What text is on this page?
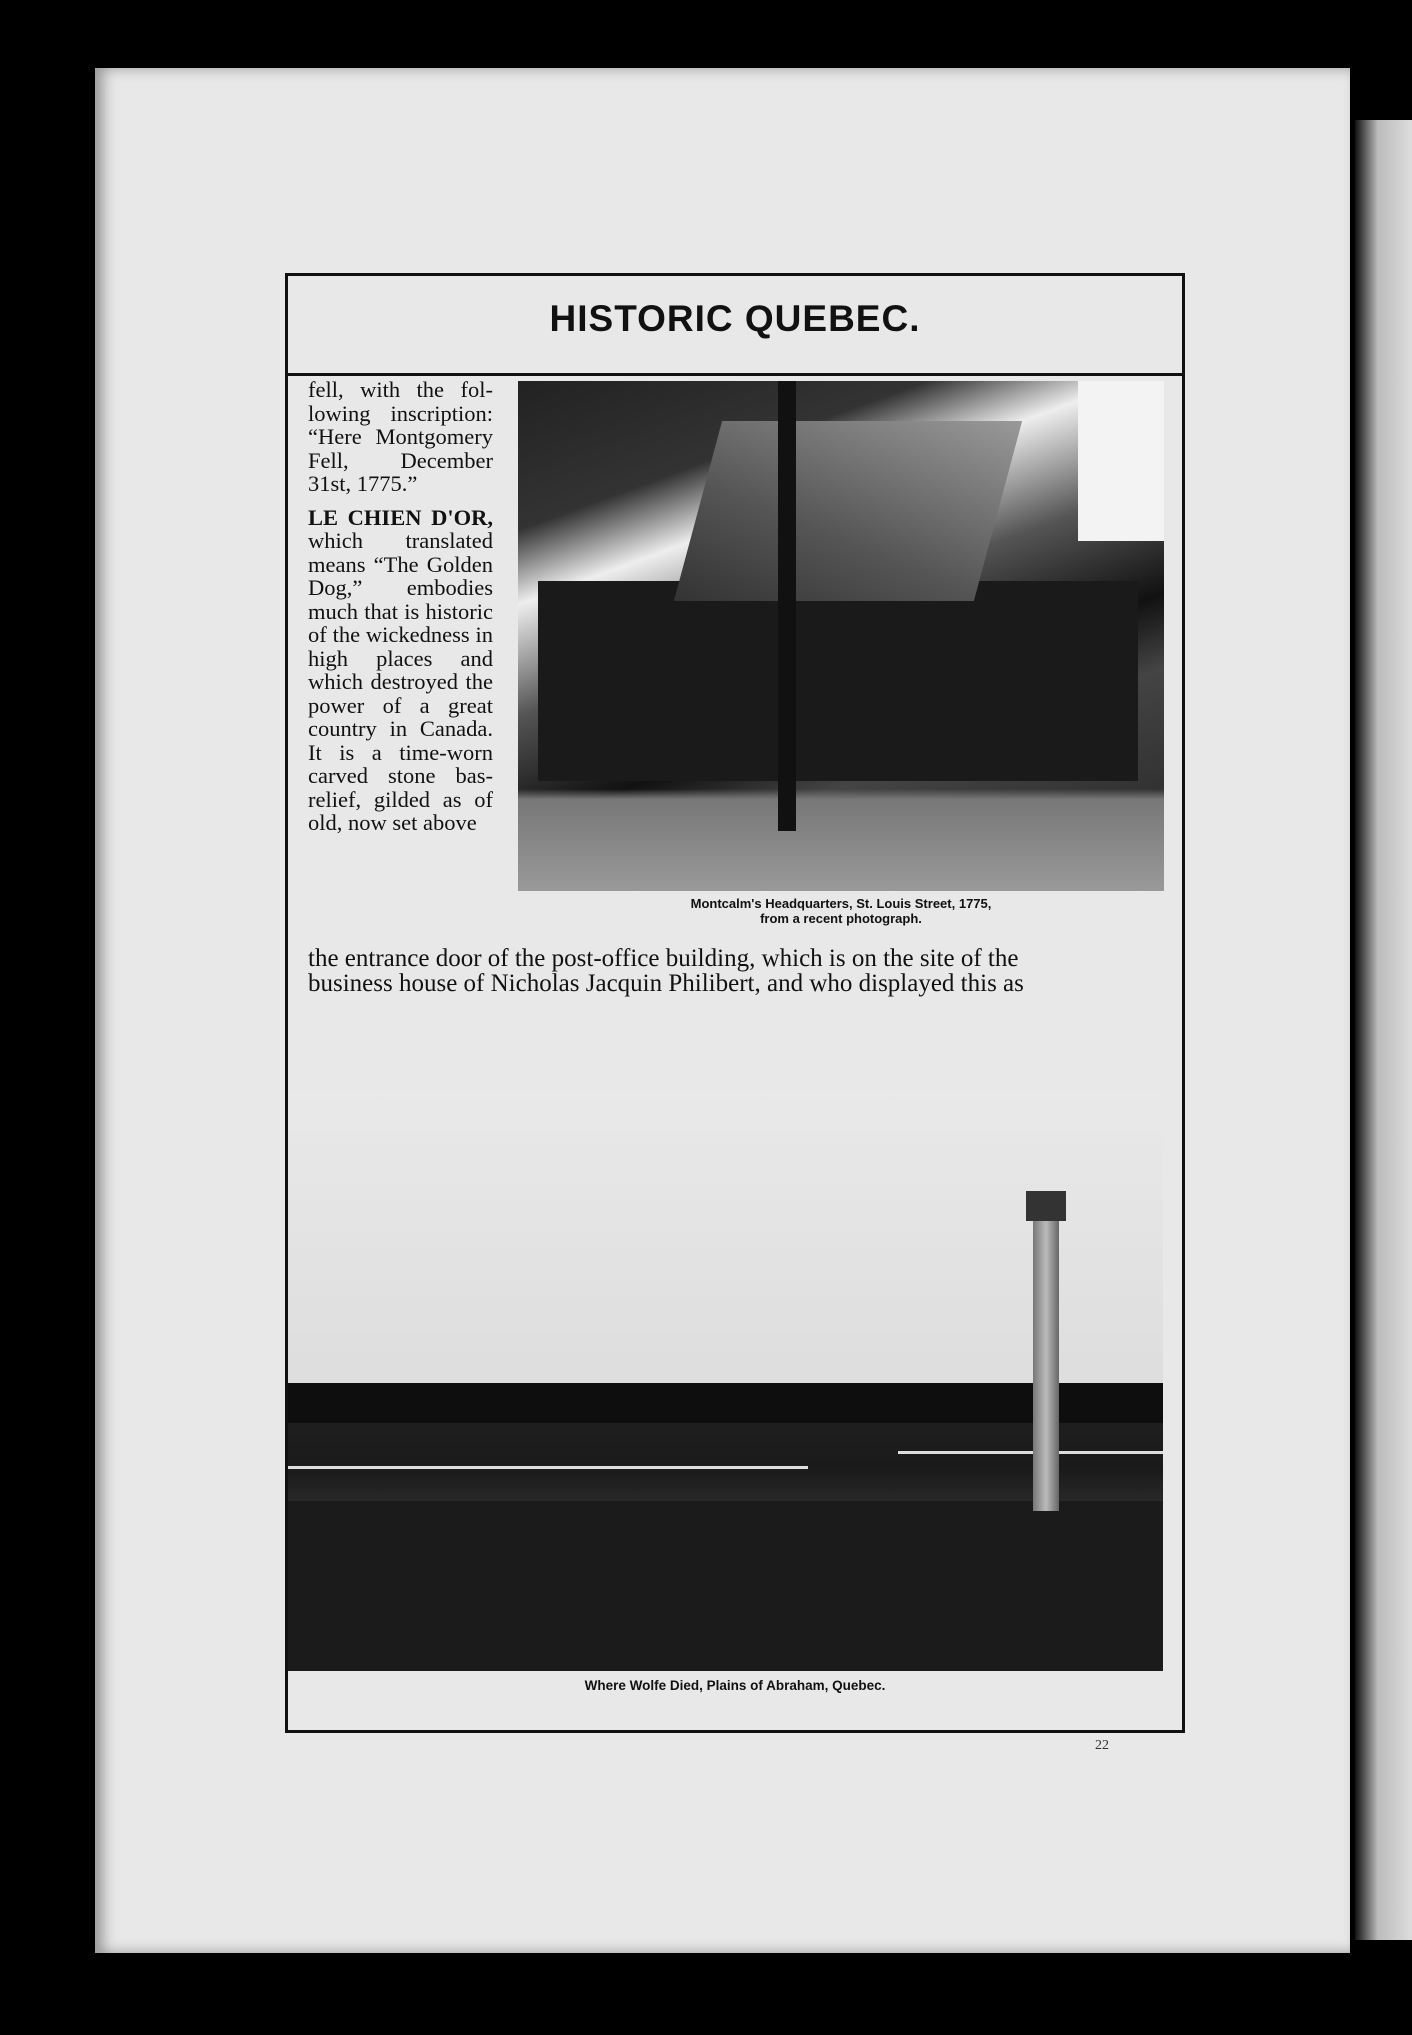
HISTORIC QUEBEC.

fell, with the following inscription: “Here Montgomery Fell, December 31st, 1775.”

LE CHIEN D'OR, which translated means “The Golden Dog,” embodies much that is historic of the wickedness in high places and which destroyed the power of a great country in Canada. It is a time-worn carved stone bas-relief, gilded as of old, now set above

Montcalm's Headquarters, St. Louis Street, 1775,
from a recent photograph.
the entrance door of the post-office building, which is on the site of the
business house of Nicholas Jacquin Philibert, and who displayed this as
Where Wolfe Died, Plains of Abraham, Quebec.
22
